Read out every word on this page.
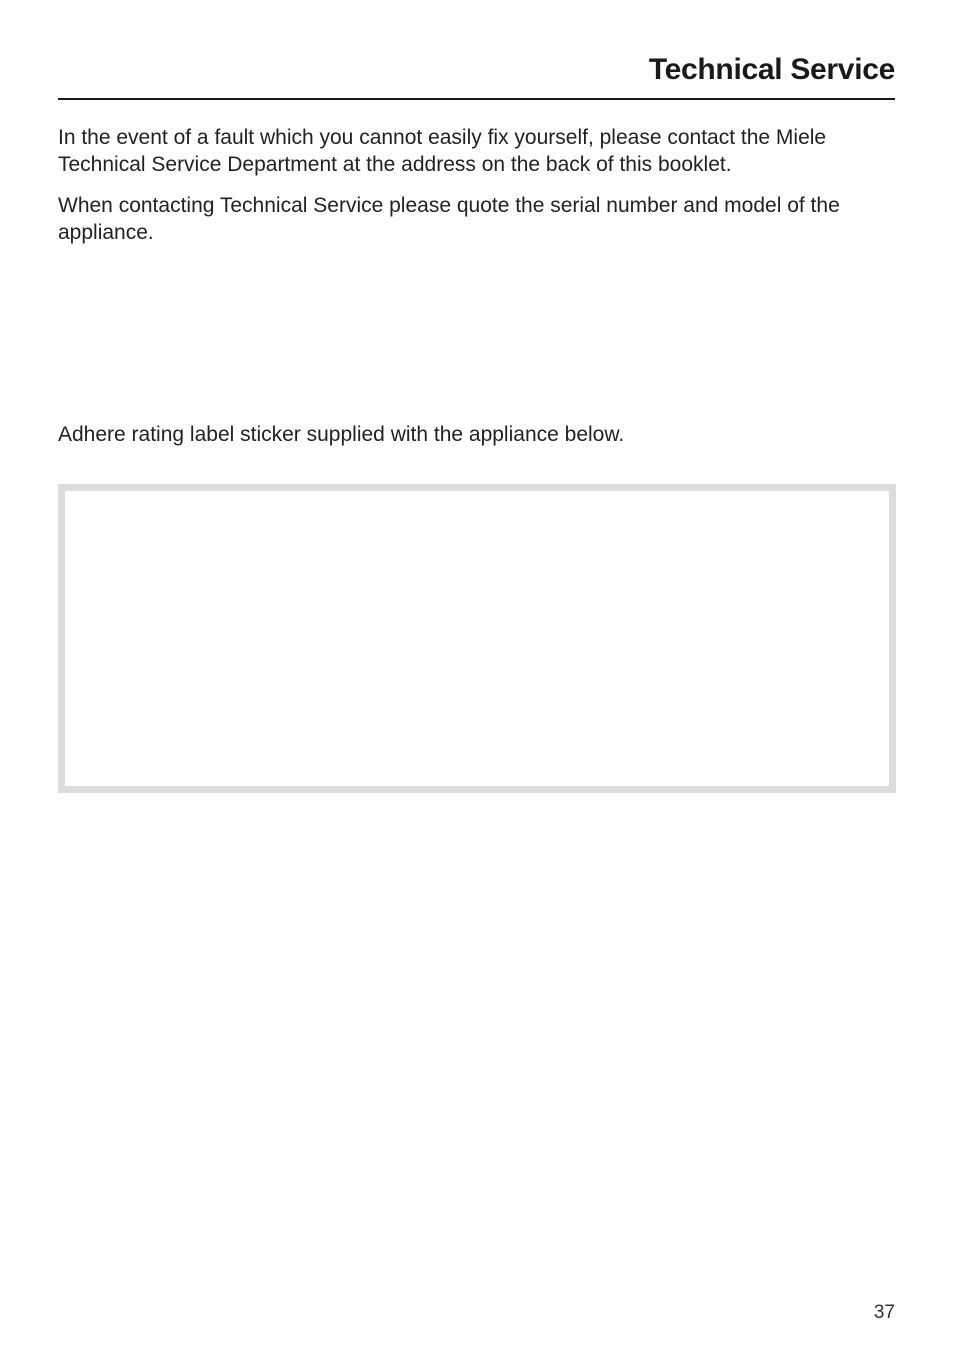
Technical Service

In the event of a fault which you cannot easily fix yourself, please contact the Miele Technical Service Department at the address on the back of this booklet.

When contacting Technical Service please quote the serial number and model of the appliance.

Adhere rating label sticker supplied with the appliance below.

37
